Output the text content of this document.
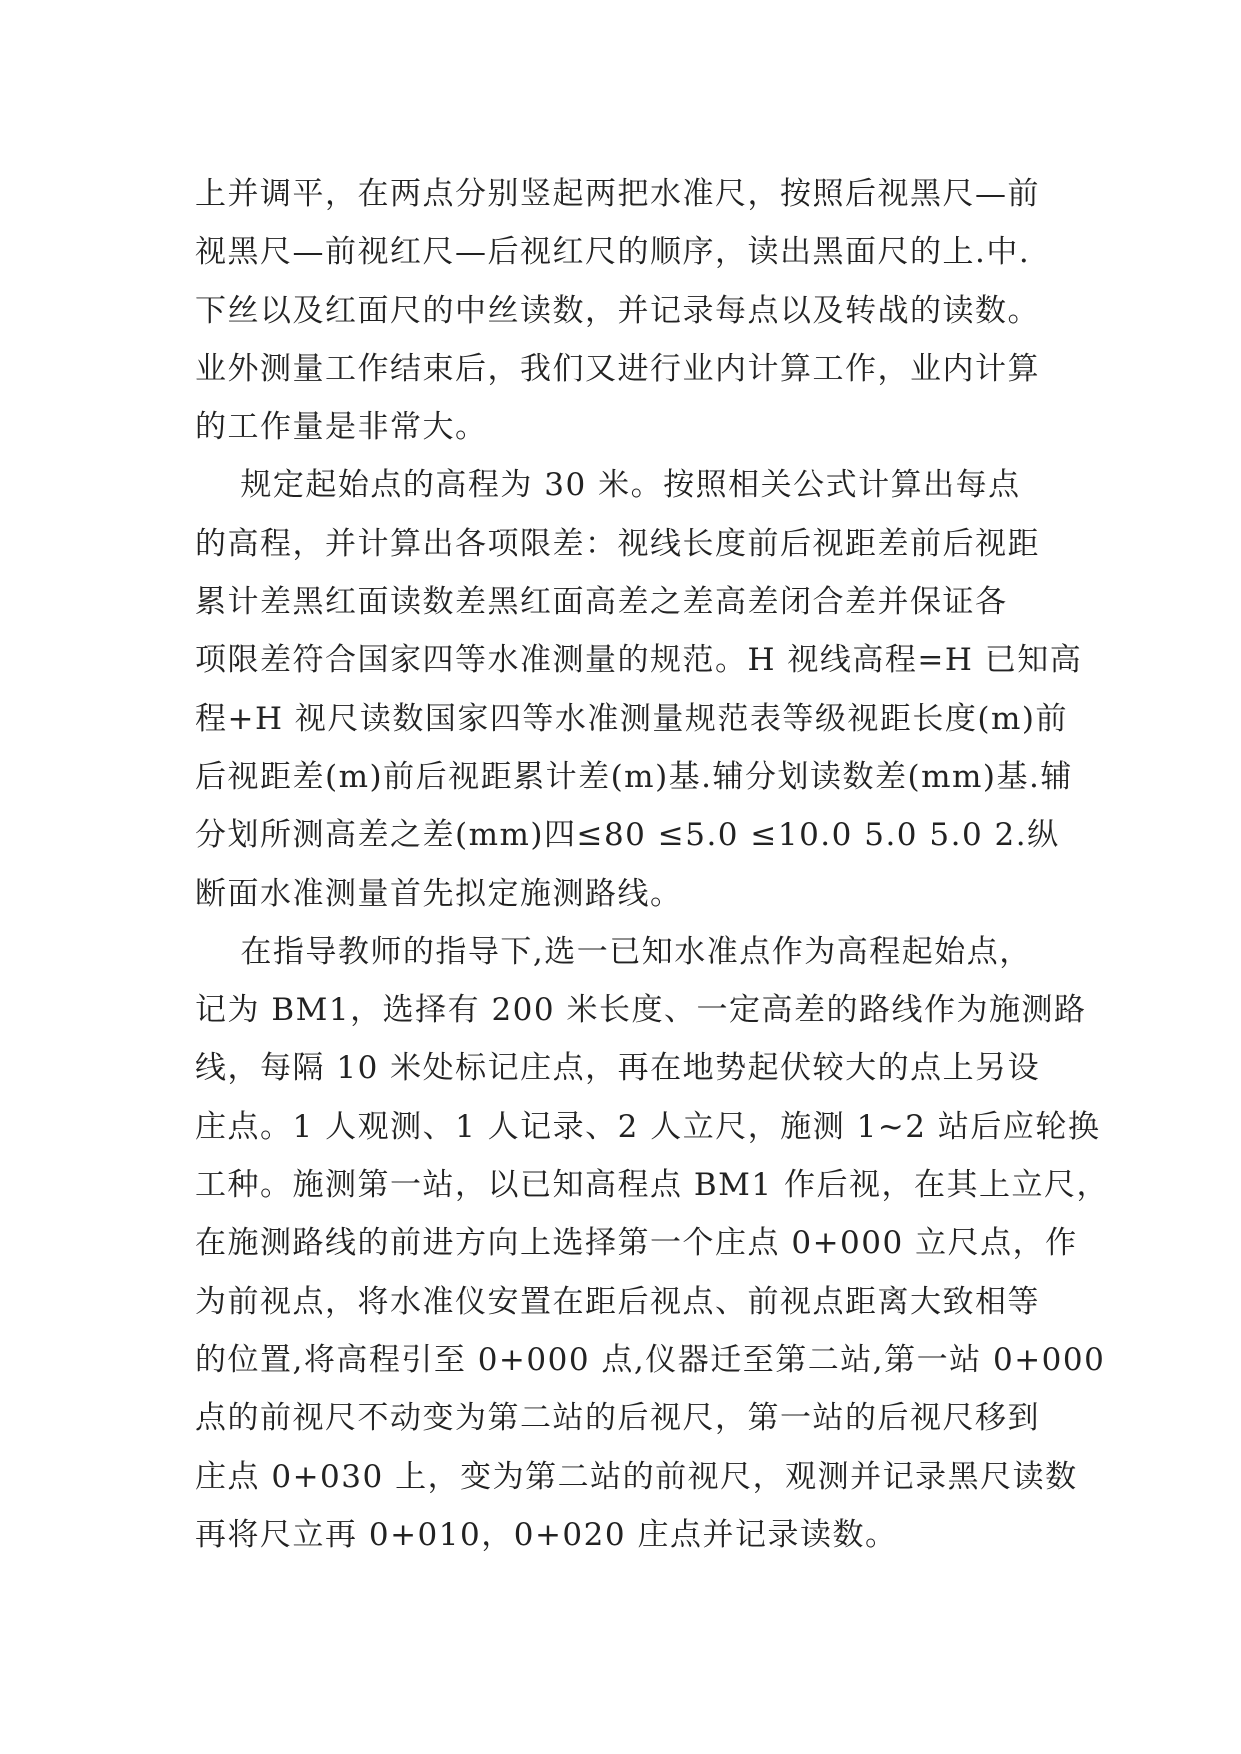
上并调平，在两点分别竖起两把水准尺，按照后视黑尺—前
视黑尺—前视红尺—后视红尺的顺序，读出黑面尺的上.中.
下丝以及红面尺的中丝读数，并记录每点以及转战的读数。
业外测量工作结束后，我们又进行业内计算工作，业内计算
的工作量是非常大。
规定起始点的高程为 30 米。按照相关公式计算出每点
的高程，并计算出各项限差：视线长度前后视距差前后视距
累计差黑红面读数差黑红面高差之差高差闭合差并保证各
项限差符合国家四等水准测量的规范。H 视线高程=H 已知高
程+H 视尺读数国家四等水准测量规范表等级视距长度(m)前
后视距差(m)前后视距累计差(m)基.辅分划读数差(mm)基.辅
分划所测高差之差(mm)四≤80 ≤5.0 ≤10.0 5.0 5.0 2.纵
断面水准测量首先拟定施测路线。
在指导教师的指导下,选一已知水准点作为高程起始点，
记为 BM1，选择有 200 米长度、一定高差的路线作为施测路
线，每隔 10 米处标记庄点，再在地势起伏较大的点上另设
庄点。1 人观测、1 人记录、2 人立尺，施测 1~2 站后应轮换
工种。施测第一站，以已知高程点 BM1 作后视，在其上立尺，
在施测路线的前进方向上选择第一个庄点 0+000 立尺点，作
为前视点，将水准仪安置在距后视点、前视点距离大致相等
的位置,将高程引至 0+000 点,仪器迁至第二站,第一站 0+000
点的前视尺不动变为第二站的后视尺，第一站的后视尺移到
庄点 0+030 上，变为第二站的前视尺，观测并记录黑尺读数
再将尺立再 0+010，0+020 庄点并记录读数。
